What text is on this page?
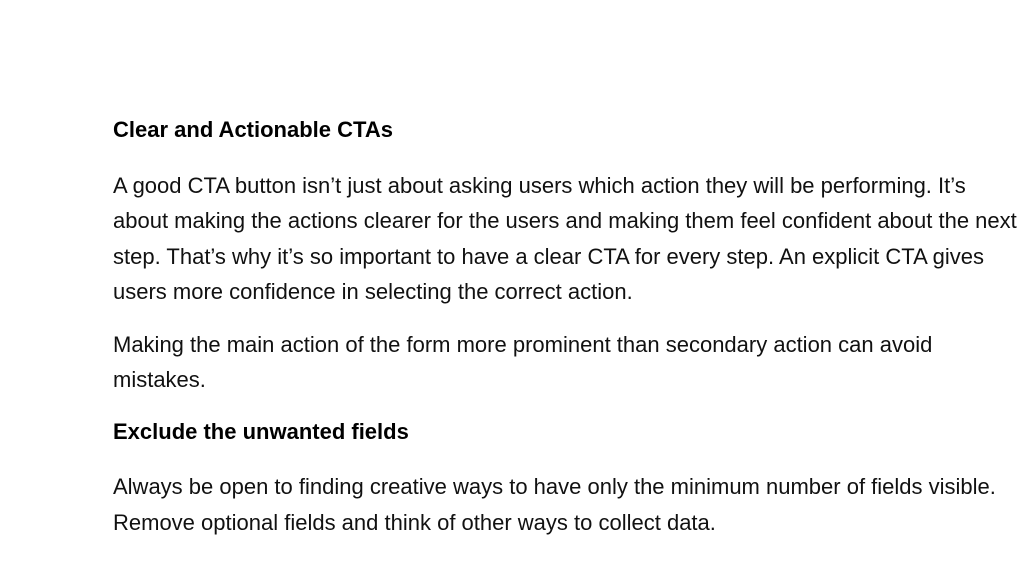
Clear and Actionable CTAs

A good CTA button isn’t just about asking users which action they will be performing. It’s about making the actions clearer for the users and making them feel confident about the next step. That’s why it’s so important to have a clear CTA for every step. An explicit CTA gives users more confidence in selecting the correct action.

Making the main action of the form more prominent than secondary action can avoid mistakes.

Exclude the unwanted fields

Always be open to finding creative ways to have only the minimum number of fields visible. Remove optional fields and think of other ways to collect data.
